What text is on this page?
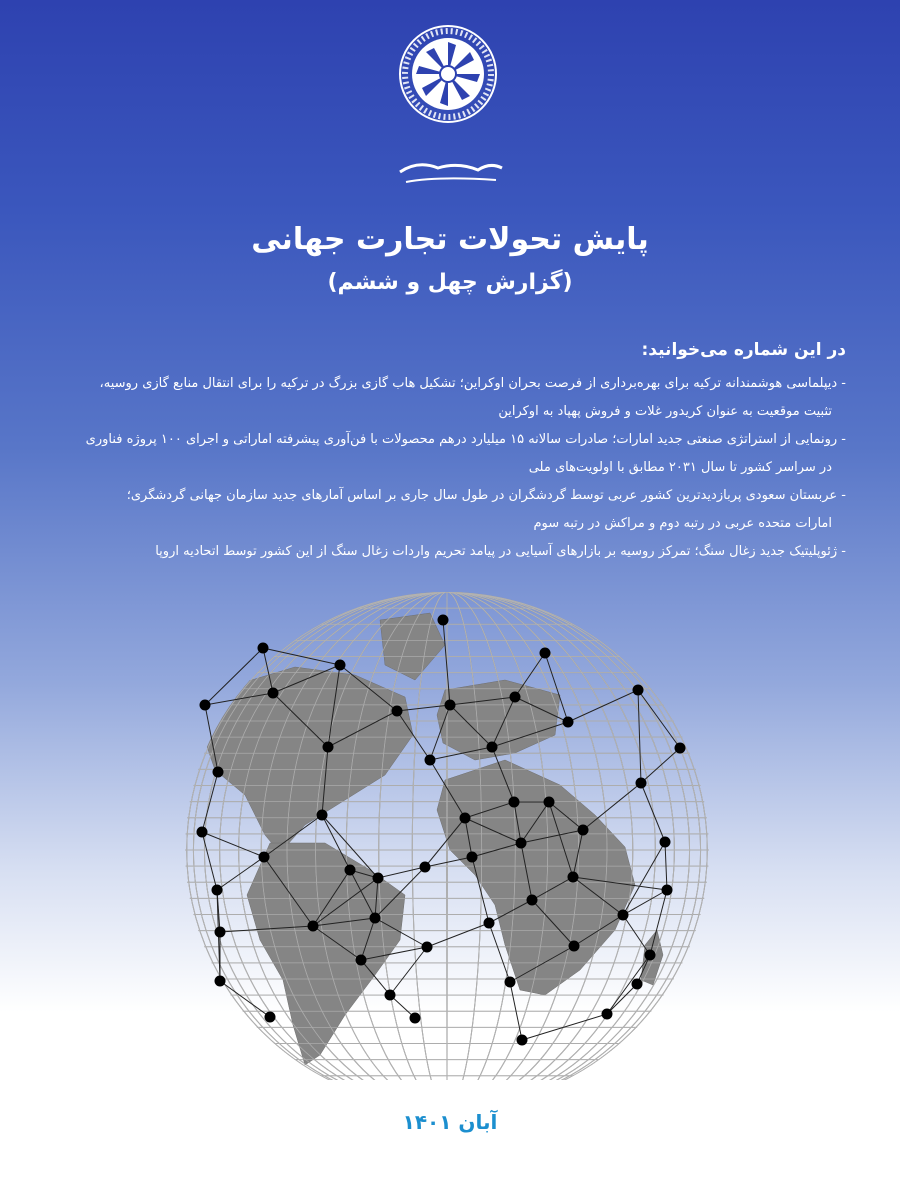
پایش تحولات تجارت جهانی
(گزارش چهل و ششم)
در این شماره می‌خوانید:

- دیپلماسی هوشمندانه ترکیه برای بهره‌برداری از فرصت بحران اوکراین؛ تشکیل هاب گازی بزرگ در ترکیه را برای انتقال منابع گازی روسیه،
تثبیت موقعیت به عنوان کریدور غلات و فروش پهپاد به اوکراین

- رونمایی از استراتژی صنعتی جدید امارات؛ صادرات سالانه ۱۵ میلیارد درهم محصولات با فن‌آوری پیشرفته اماراتی و اجرای ۱۰۰ پروژه فناوری
در سراسر کشور تا سال ۲۰۳۱ مطابق با اولویت‌های ملی

- عربستان سعودی پربازدیدترین کشور عربی توسط گردشگران در طول سال جاری بر اساس آمارهای جدید سازمان جهانی گردشگری؛
امارات متحده عربی در رتبه دوم و مراکش در رتبه سوم

- ژئوپلیتیک جدید زغال سنگ؛ تمرکز روسیه بر بازارهای آسیایی در پیامد تحریم واردات زغال سنگ از این کشور توسط اتحادیه اروپا

آبان ۱۴۰۱
